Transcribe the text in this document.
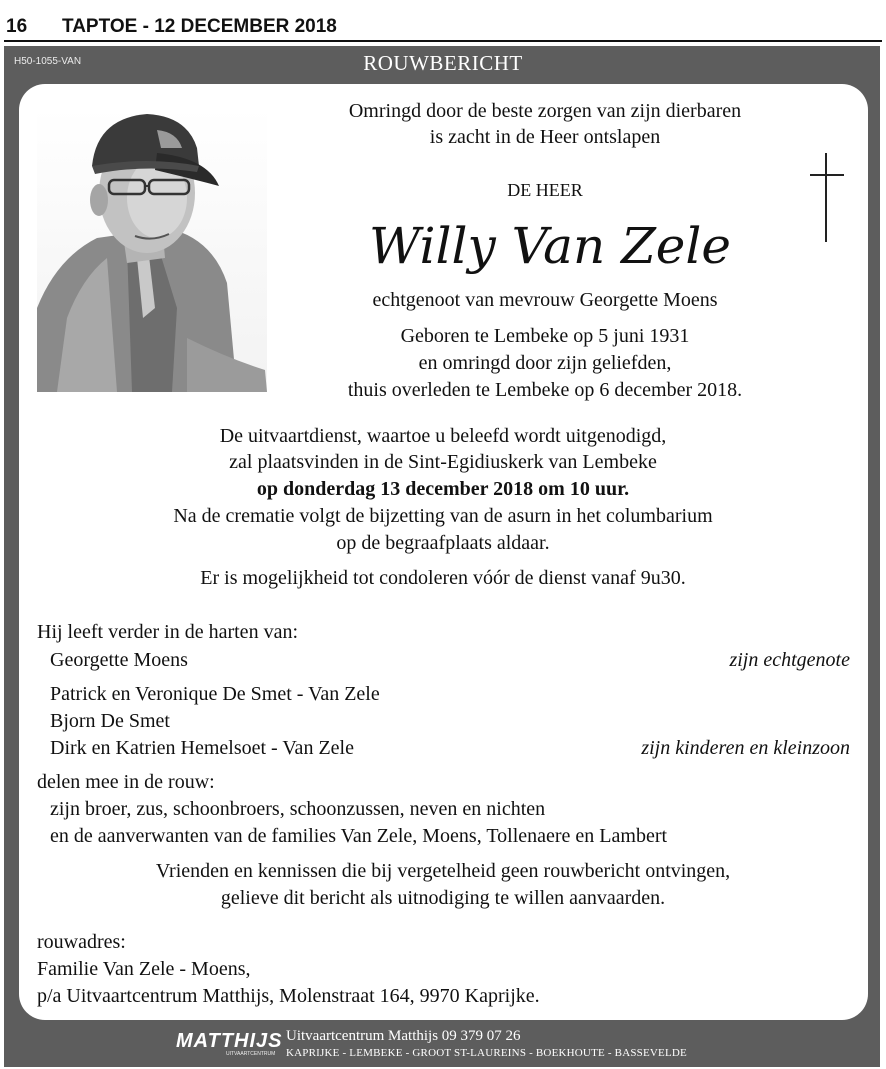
16 TAPTOE - 12 DECEMBER 2018
H50-1055-VAN	ROUWBERICHT
Omringd door de beste zorgen van zijn dierbaren
is zacht in de Heer ontslapen
DE HEER
Willy Van Zele
echtgenoot van mevrouw Georgette Moens
Geboren te Lembeke op 5 juni 1931
en omringd door zijn geliefden,
thuis overleden te Lembeke op 6 december 2018.
De uitvaartdienst, waartoe u beleefd wordt uitgenodigd,
zal plaatsvinden in de Sint-Egidiuskerk van Lembeke
op donderdag 13 december 2018 om 10 uur.
Na de crematie volgt de bijzetting van de asurn in het columbarium
op de begraafplaats aldaar.
Er is mogelijkheid tot condoleren vóór de dienst vanaf 9u30.
Hij leeft verder in de harten van:
Georgette Moens	zijn echtgenote
Patrick en Veronique De Smet - Van Zele
Bjorn De Smet
Dirk en Katrien Hemelsoet - Van Zele	zijn kinderen en kleinzoon
delen mee in de rouw:
zijn broer, zus, schoonbroers, schoonzussen, neven en nichten
en de aanverwanten van de families Van Zele, Moens, Tollenaere en Lambert
Vrienden en kennissen die bij vergetelheid geen rouwbericht ontvingen,
gelieve dit bericht als uitnodiging te willen aanvaarden.
rouwadres:
Familie Van Zele - Moens,
p/a Uitvaartcentrum Matthijs, Molenstraat 164, 9970 Kaprijke.
MATTHIJS
UITVAARTCENTRUM
Uitvaartcentrum Matthijs 09 379 07 26
KAPRIJKE - LEMBEKE - GROOT ST-LAUREINS - BOEKHOUTE - BASSEVELDE
